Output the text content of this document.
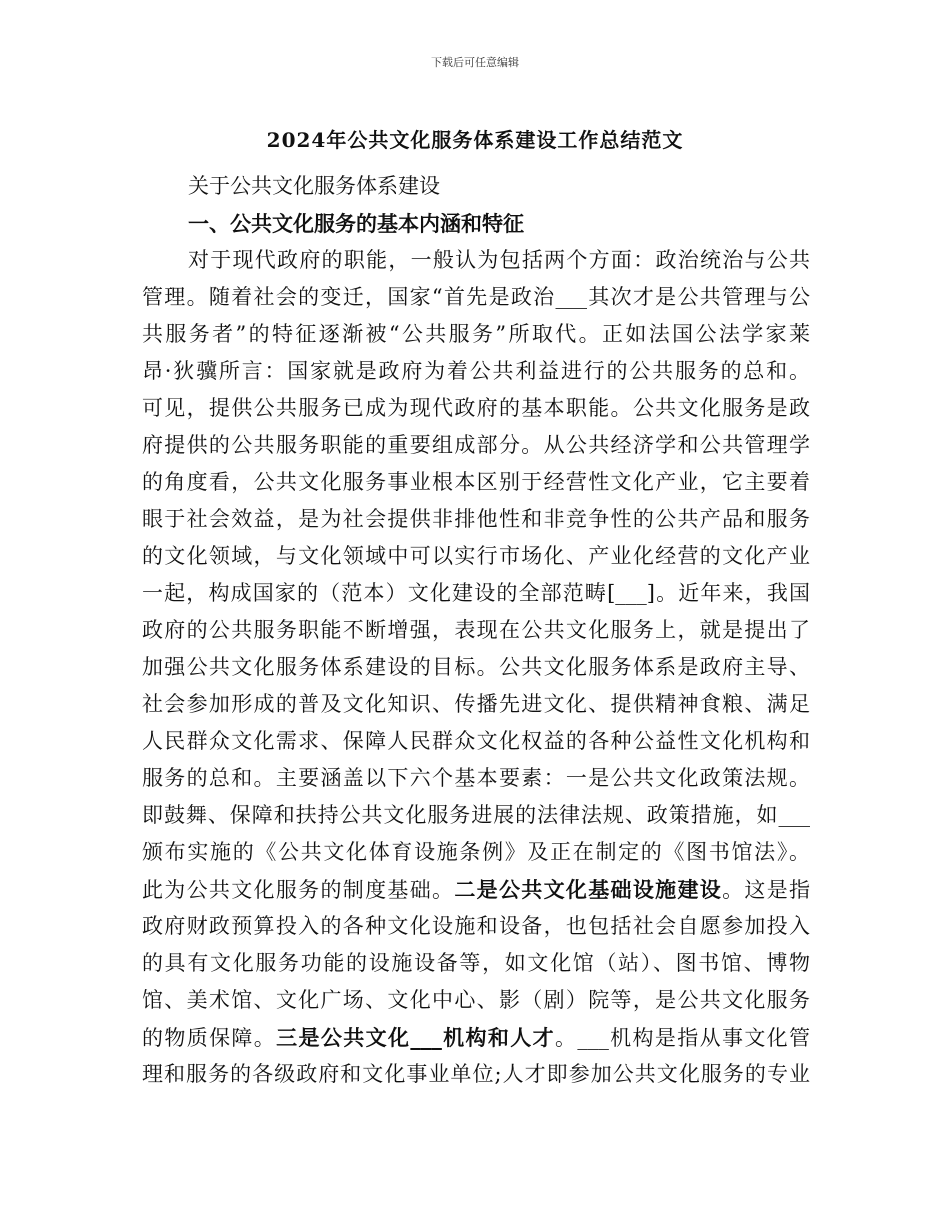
下载后可任意编辑
2024年公共文化服务体系建设工作总结范文
关于公共文化服务体系建设
一、公共文化服务的基本内涵和特征
对于现代政府的职能，一般认为包括两个方面：政治统治与公共
管理。随着社会的变迁，国家“首先是政治___其次才是公共管理与公
共服务者”的特征逐渐被“公共服务”所取代。正如法国公法学家莱
昂·狄骥所言：国家就是政府为着公共利益进行的公共服务的总和。
可见，提供公共服务已成为现代政府的基本职能。公共文化服务是政
府提供的公共服务职能的重要组成部分。从公共经济学和公共管理学
的角度看，公共文化服务事业根本区别于经营性文化产业，它主要着
眼于社会效益，是为社会提供非排他性和非竞争性的公共产品和服务
的文化领域，与文化领域中可以实行市场化、产业化经营的文化产业
一起，构成国家的（范本）文化建设的全部范畴[___]。近年来，我国
政府的公共服务职能不断增强，表现在公共文化服务上，就是提出了
加强公共文化服务体系建设的目标。公共文化服务体系是政府主导、
社会参加形成的普及文化知识、传播先进文化、提供精神食粮、满足
人民群众文化需求、保障人民群众文化权益的各种公益性文化机构和
服务的总和。主要涵盖以下六个基本要素：一是公共文化政策法规。
即鼓舞、保障和扶持公共文化服务进展的法律法规、政策措施，如___
颁布实施的《公共文化体育设施条例》及正在制定的《图书馆法》。
此为公共文化服务的制度基础。二是公共文化基础设施建设。这是指
政府财政预算投入的各种文化设施和设备，也包括社会自愿参加投入
的具有文化服务功能的设施设备等，如文化馆（站）、图书馆、博物
馆、美术馆、文化广场、文化中心、影（剧）院等，是公共文化服务
的物质保障。三是公共文化___机构和人才。___机构是指从事文化管
理和服务的各级政府和文化事业单位;人才即参加公共文化服务的专业
